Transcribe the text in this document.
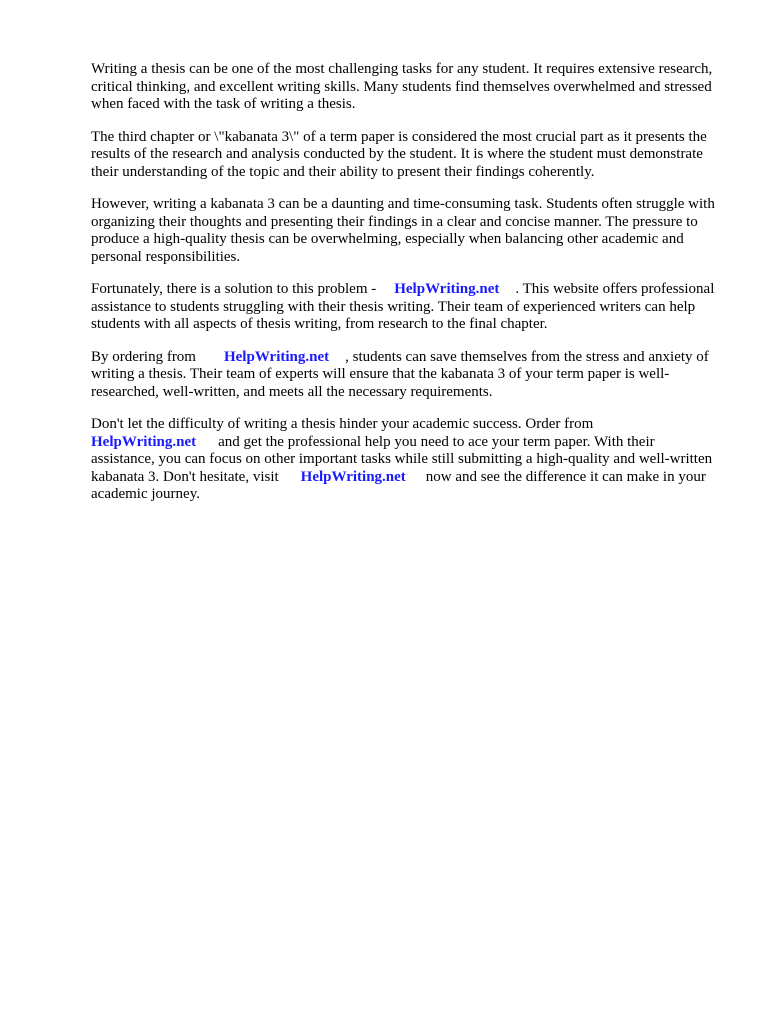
Writing a thesis can be one of the most challenging tasks for any student. It requires extensive research, critical thinking, and excellent writing skills. Many students find themselves overwhelmed and stressed when faced with the task of writing a thesis.

The third chapter or \"kabanata 3\" of a term paper is considered the most crucial part as it presents the results of the research and analysis conducted by the student. It is where the student must demonstrate their understanding of the topic and their ability to present their findings coherently.

However, writing a kabanata 3 can be a daunting and time-consuming task. Students often struggle with organizing their thoughts and presenting their findings in a clear and concise manner. The pressure to produce a high-quality thesis can be overwhelming, especially when balancing other academic and personal responsibilities.

Fortunately, there is a solution to this problem - HelpWriting.net . This website offers professional assistance to students struggling with their thesis writing. Their team of experienced writers can help students with all aspects of thesis writing, from research to the final chapter.

By ordering from HelpWriting.net , students can save themselves from the stress and anxiety of writing a thesis. Their team of experts will ensure that the kabanata 3 of your term paper is well-researched, well-written, and meets all the necessary requirements.

Don't let the difficulty of writing a thesis hinder your academic success. Order from HelpWriting.net and get the professional help you need to ace your term paper. With their assistance, you can focus on other important tasks while still submitting a high-quality and well-written kabanata 3. Don't hesitate, visit HelpWriting.net now and see the difference it can make in your academic journey.
